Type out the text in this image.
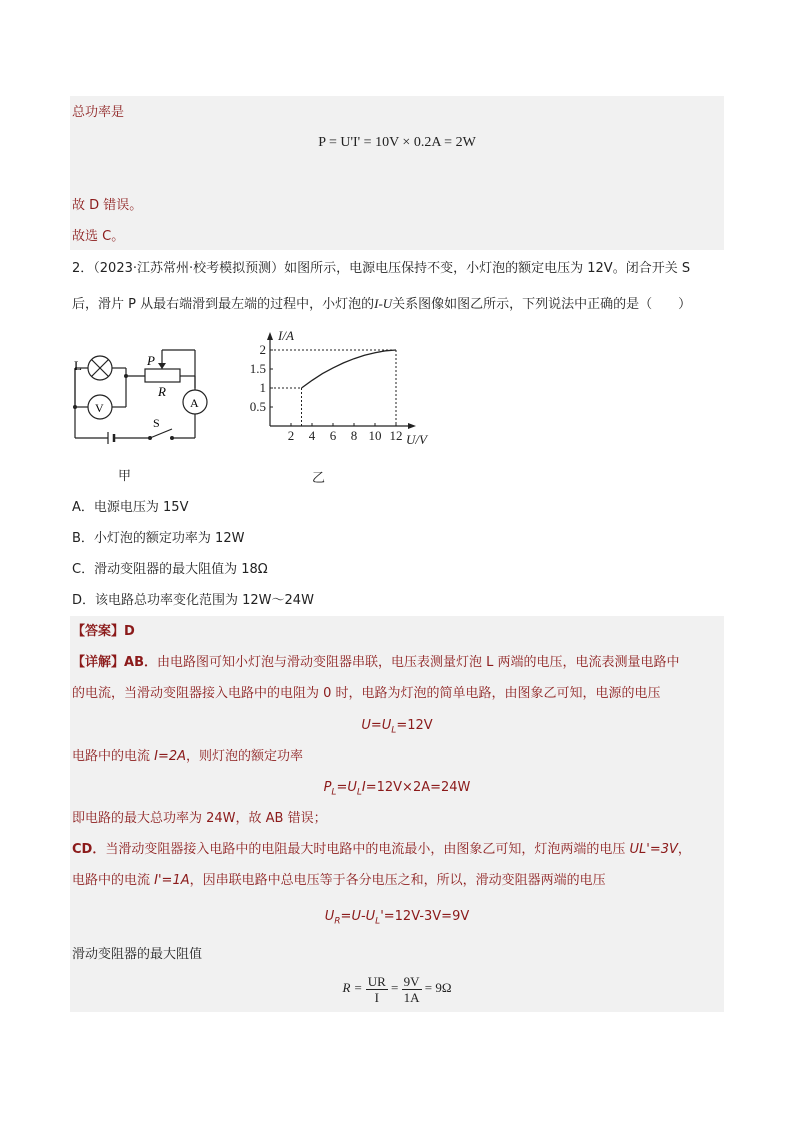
总功率是
P = U'I' = 10V × 0.2A = 2W
故 D 错误。
故选 C。
2．（2023·江苏常州·校考模拟预测）如图所示，电源电压保持不变，小灯泡的额定电压为 12V。闭合开关 S
后，滑片 P 从最右端滑到最左端的过程中，小灯泡的I-U关系图像如图乙所示，下列说法中正确的是（　　）
L
V	A
P
R
S
甲
2 4 6 8 10 12
0.5
1
1.5
2
U/V
I/A
乙
A．电源电压为 15V
B．小灯泡的额定功率为 12W
C．滑动变阻器的最大阻值为 18Ω
D．该电路总功率变化范围为 12W～24W
【答案】D
【详解】AB．由电路图可知小灯泡与滑动变阻器串联，电压表测量灯泡 L 两端的电压，电流表测量电路中
的电流，当滑动变阻器接入电路中的电阻为 0 时，电路为灯泡的简单电路，由图象乙可知，电源的电压
$U=U_L=12V$
电路中的电流 I=2A，则灯泡的额定功率
$P_L=U_LI=12V\times 2A=24W$
即电路的最大总功率为 24W，故 AB 错误；
CD．当滑动变阻器接入电路中的电阻最大时电路中的电流最小，由图象乙可知，灯泡两端的电压 UL'=3V，
电路中的电流 I'=1A，因串联电路中总电压等于各分电压之和，所以，滑动变阻器两端的电压
$U_R=U-U_L'=12V-3V=9V$
滑动变阻器的最大阻值
$R = \frac{UR}{I} = \frac{9V}{1A} = 9\Omega$
